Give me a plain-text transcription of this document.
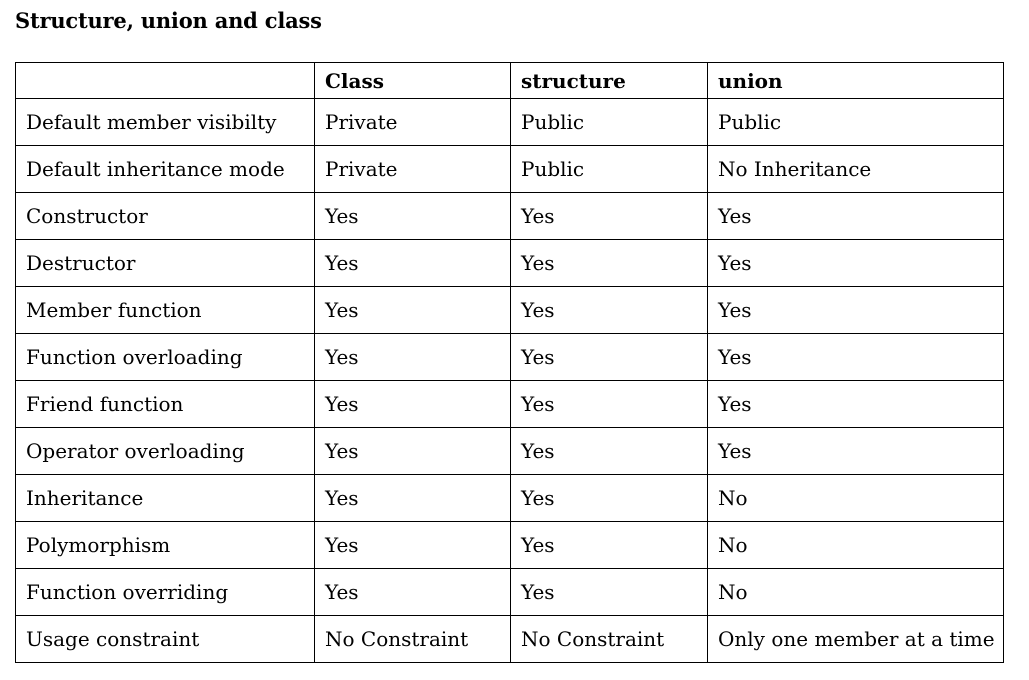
Structure, union and class
	Class	structure	union
Default member visibilty	Private	Public	Public
Default inheritance mode	Private	Public	No Inheritance
Constructor	Yes	Yes	Yes
Destructor	Yes	Yes	Yes
Member function	Yes	Yes	Yes
Function overloading	Yes	Yes	Yes
Friend function	Yes	Yes	Yes
Operator overloading	Yes	Yes	Yes
Inheritance	Yes	Yes	No
Polymorphism	Yes	Yes	No
Function overriding	Yes	Yes	No
Usage constraint	No Constraint	No Constraint	Only one member at a time
